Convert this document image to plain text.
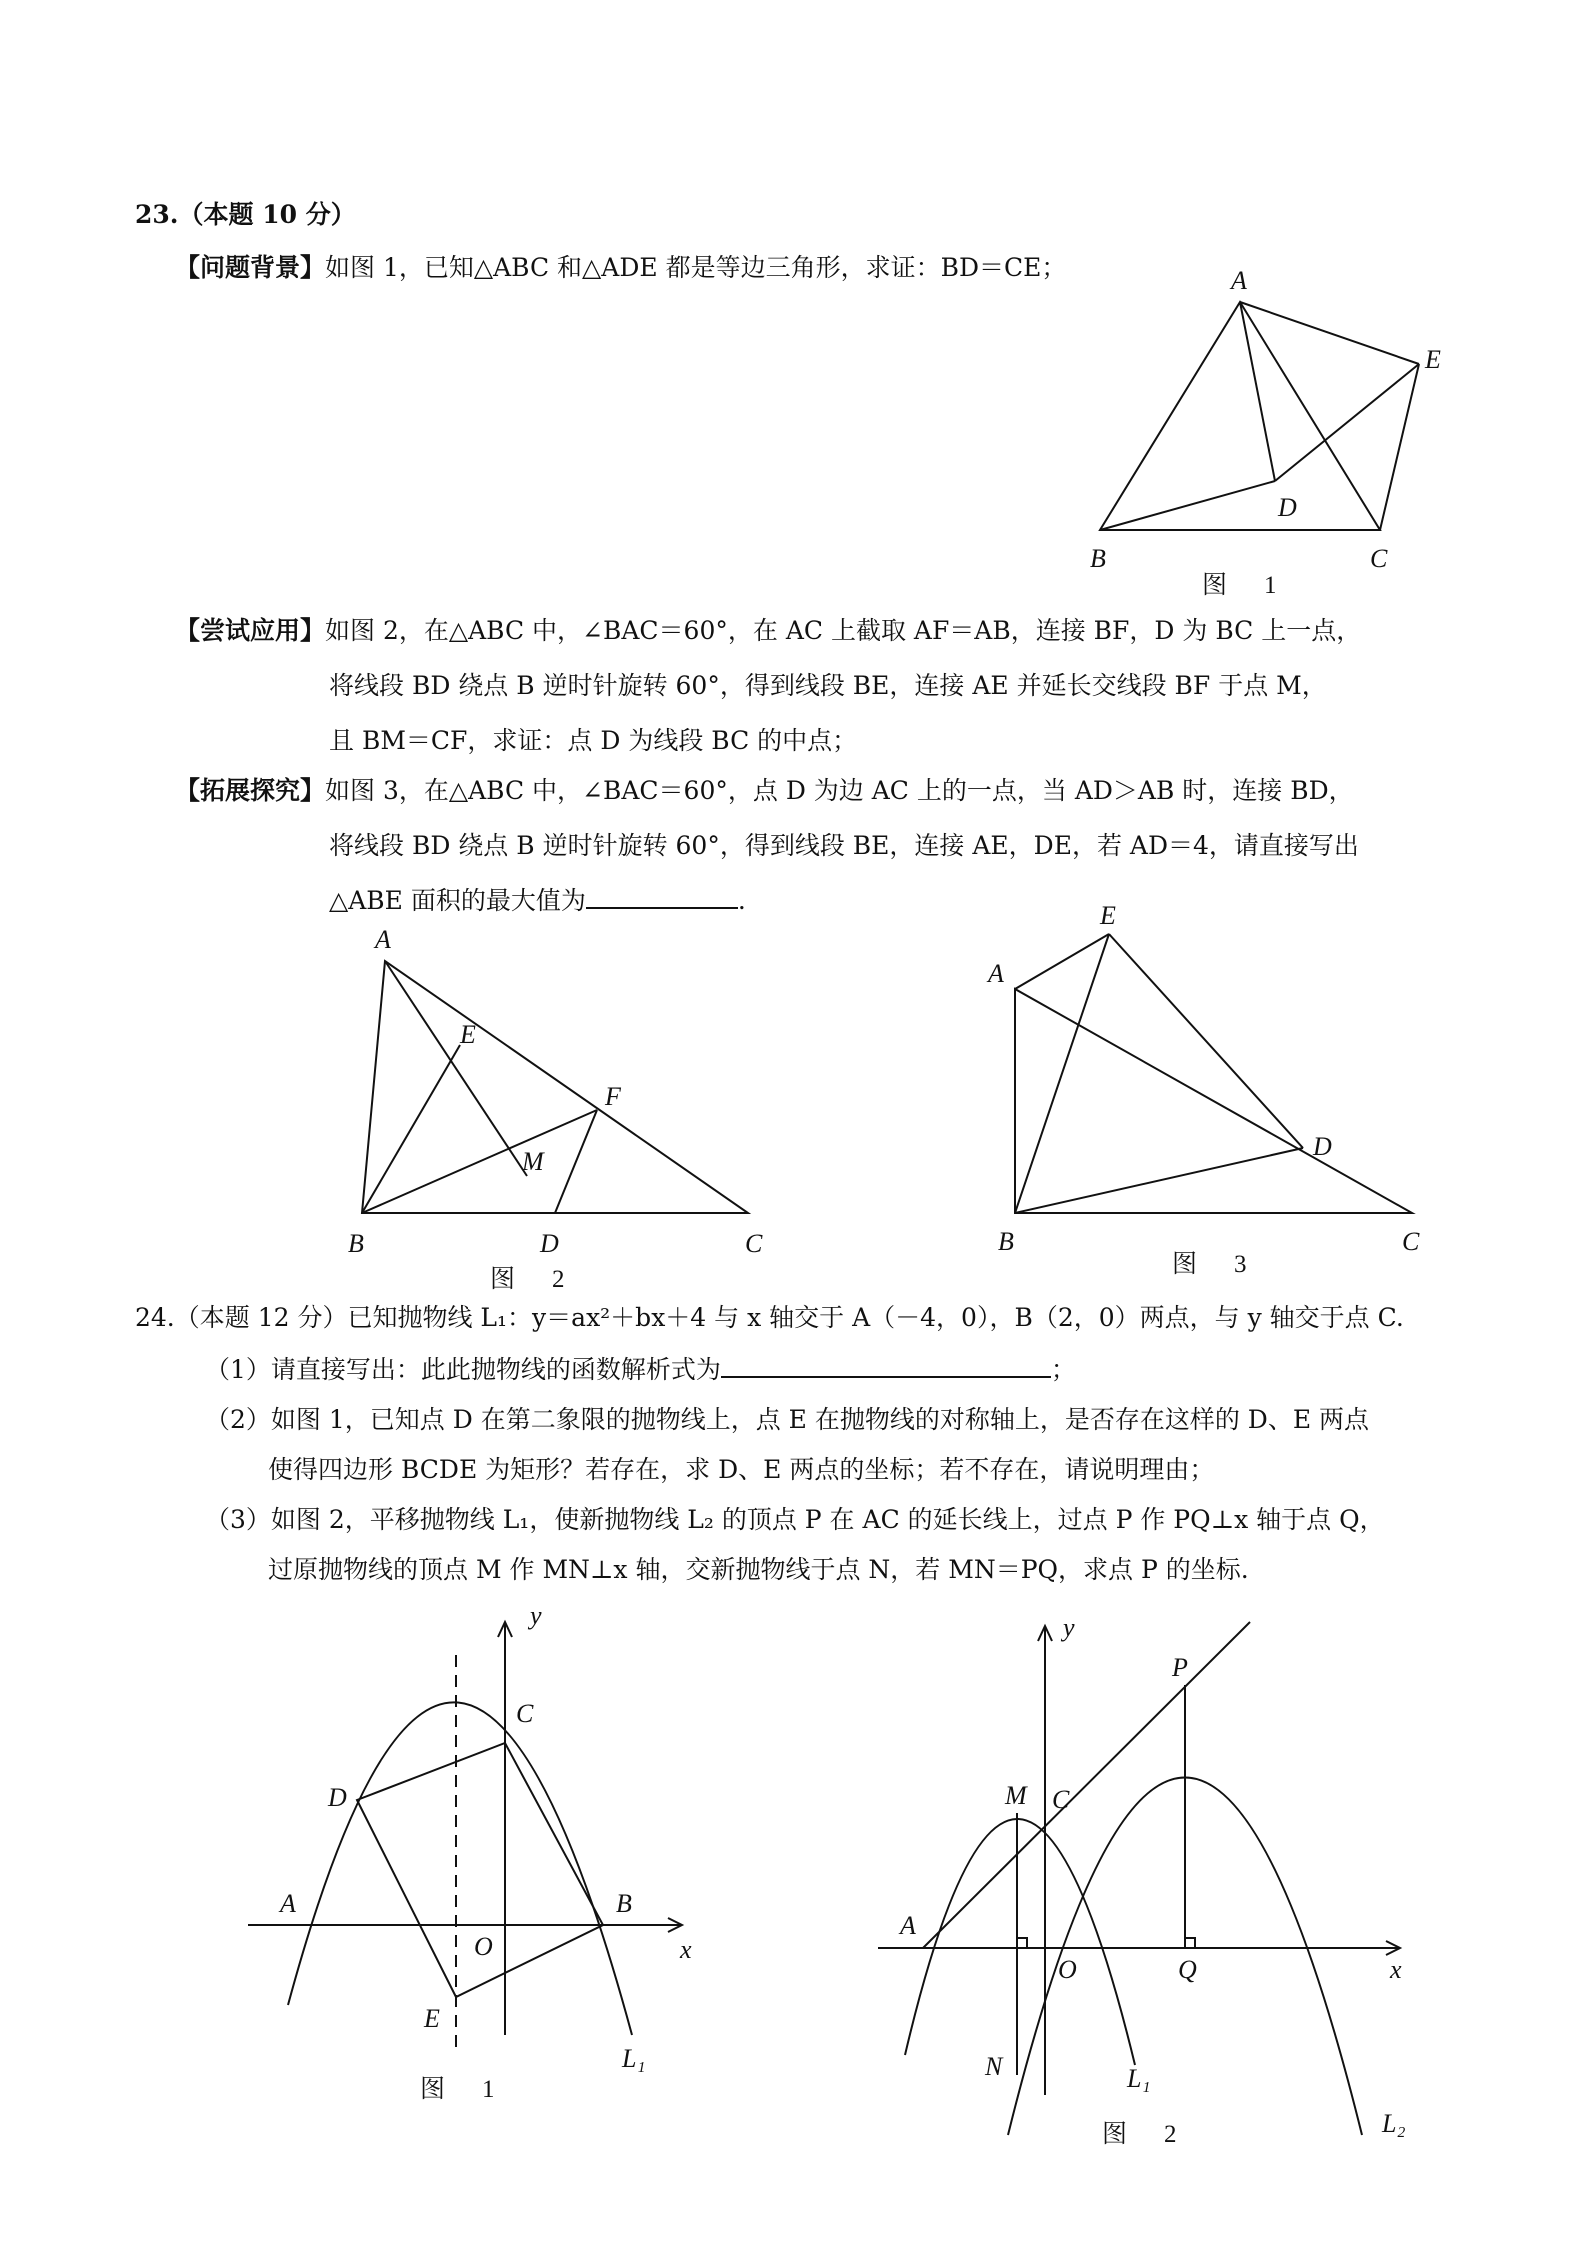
23.（本题 10 分）
【问题背景】如图 1，已知△ABC 和△ADE 都是等边三角形，求证：BD＝CE；
【尝试应用】如图 2，在△ABC 中，∠BAC＝60°，在 AC 上截取 AF＝AB，连接 BF，D 为 BC 上一点，
将线段 BD 绕点 B 逆时针旋转 60°，得到线段 BE，连接 AE 并延长交线段 BF 于点 M，
且 BM＝CF，求证：点 D 为线段 BC 的中点；
【拓展探究】如图 3，在△ABC 中，∠BAC＝60°，点 D 为边 AC 上的一点，当 AD＞AB 时，连接 BD，
将线段 BD 绕点 B 逆时针旋转 60°，得到线段 BE，连接 AE，DE，若 AD＝4，请直接写出
△ABE 面积的最大值为	.
A
E
D
B	C
图　1
A
E
F
M
B	D	C
图　2
E
A
D
B	C
图　3
24.（本题 12 分）已知抛物线 L₁：y＝ax²＋bx＋4 与 x 轴交于 A（－4，0），B（2，0）两点，与 y 轴交于点 C.
（1）请直接写出：此此抛物线的函数解析式为	；
（2）如图 1，已知点 D 在第二象限的抛物线上，点 E 在抛物线的对称轴上，是否存在这样的 D、E 两点
使得四边形 BCDE 为矩形？若存在，求 D、E 两点的坐标；若不存在，请说明理由；
（3）如图 2，平移抛物线 L₁，使新抛物线 L₂ 的顶点 P 在 AC 的延长线上，过点 P 作 PQ⊥x 轴于点 Q，
过原抛物线的顶点 M 作 MN⊥x 轴，交新抛物线于点 N，若 MN＝PQ，求点 P 的坐标.
y
x
C
D
A	B
O
E
L₁
图　1
y
x
P
M C
A
O	Q
N	L₁
L₂
图　2
